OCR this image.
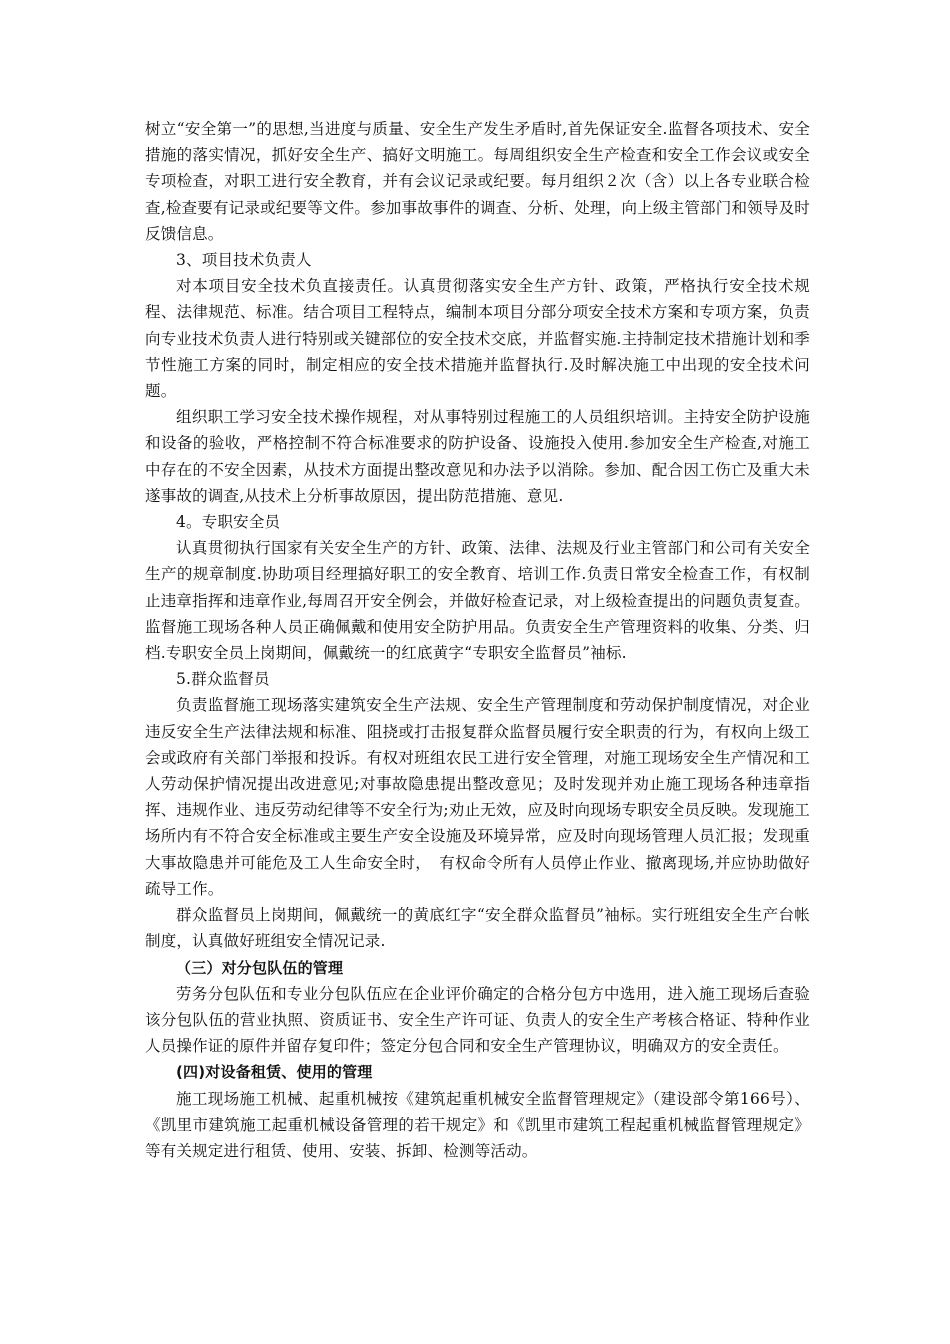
树立“安全第一”的思想,当进度与质量、安全生产发生矛盾时,首先保证安全.监督各项技术、安全措施的落实情况，抓好安全生产、搞好文明施工。每周组织安全生产检查和安全工作会议或安全专项检查，对职工进行安全教育，并有会议记录或纪要。每月组织２次（含）以上各专业联合检查,检查要有记录或纪要等文件。参加事故事件的调查、分析、处理，向上级主管部门和领导及时反馈信息。

3、项目技术负责人

对本项目安全技术负直接责任。认真贯彻落实安全生产方针、政策，严格执行安全技术规程、法律规范、标准。结合项目工程特点，编制本项目分部分项安全技术方案和专项方案，负责向专业技术负责人进行特别或关键部位的安全技术交底，并监督实施.主持制定技术措施计划和季节性施工方案的同时，制定相应的安全技术措施并监督执行.及时解决施工中出现的安全技术问题。

组织职工学习安全技术操作规程，对从事特别过程施工的人员组织培训。主持安全防护设施和设备的验收，严格控制不符合标准要求的防护设备、设施投入使用.参加安全生产检查,对施工中存在的不安全因素，从技术方面提出整改意见和办法予以消除。参加、配合因工伤亡及重大未遂事故的调查,从技术上分析事故原因，提出防范措施、意见.

4。专职安全员

认真贯彻执行国家有关安全生产的方针、政策、法律、法规及行业主管部门和公司有关安全生产的规章制度.协助项目经理搞好职工的安全教育、培训工作.负责日常安全检查工作，有权制止违章指挥和违章作业,每周召开安全例会，并做好检查记录，对上级检查提出的问题负责复查。监督施工现场各种人员正确佩戴和使用安全防护用品。负责安全生产管理资料的收集、分类、归档.专职安全员上岗期间，佩戴统一的红底黄字“专职安全监督员”袖标.

5.群众监督员

负责监督施工现场落实建筑安全生产法规、安全生产管理制度和劳动保护制度情况，对企业违反安全生产法律法规和标准、阻挠或打击报复群众监督员履行安全职责的行为，有权向上级工会或政府有关部门举报和投诉。有权对班组农民工进行安全管理，对施工现场安全生产情况和工人劳动保护情况提出改进意见;对事故隐患提出整改意见；及时发现并劝止施工现场各种违章指挥、违规作业、违反劳动纪律等不安全行为;劝止无效，应及时向现场专职安全员反映。发现施工场所内有不符合安全标准或主要生产安全设施及环境异常，应及时向现场管理人员汇报；发现重大事故隐患并可能危及工人生命安全时，　有权命令所有人员停止作业、撤离现场,并应协助做好疏导工作。

群众监督员上岗期间，佩戴统一的黄底红字“安全群众监督员”袖标。实行班组安全生产台帐制度，认真做好班组安全情况记录.

（三）对分包队伍的管理

劳务分包队伍和专业分包队伍应在企业评价确定的合格分包方中选用，进入施工现场后查验该分包队伍的营业执照、资质证书、安全生产许可证、负责人的安全生产考核合格证、特种作业人员操作证的原件并留存复印件；签定分包合同和安全生产管理协议，明确双方的安全责任。

(四)对设备租赁、使用的管理

施工现场施工机械、起重机械按《建筑起重机械安全监督管理规定》（建设部令第166号）、《凯里市建筑施工起重机械设备管理的若干规定》和《凯里市建筑工程起重机械监督管理规定》等有关规定进行租赁、使用、安装、拆卸、检测等活动。
